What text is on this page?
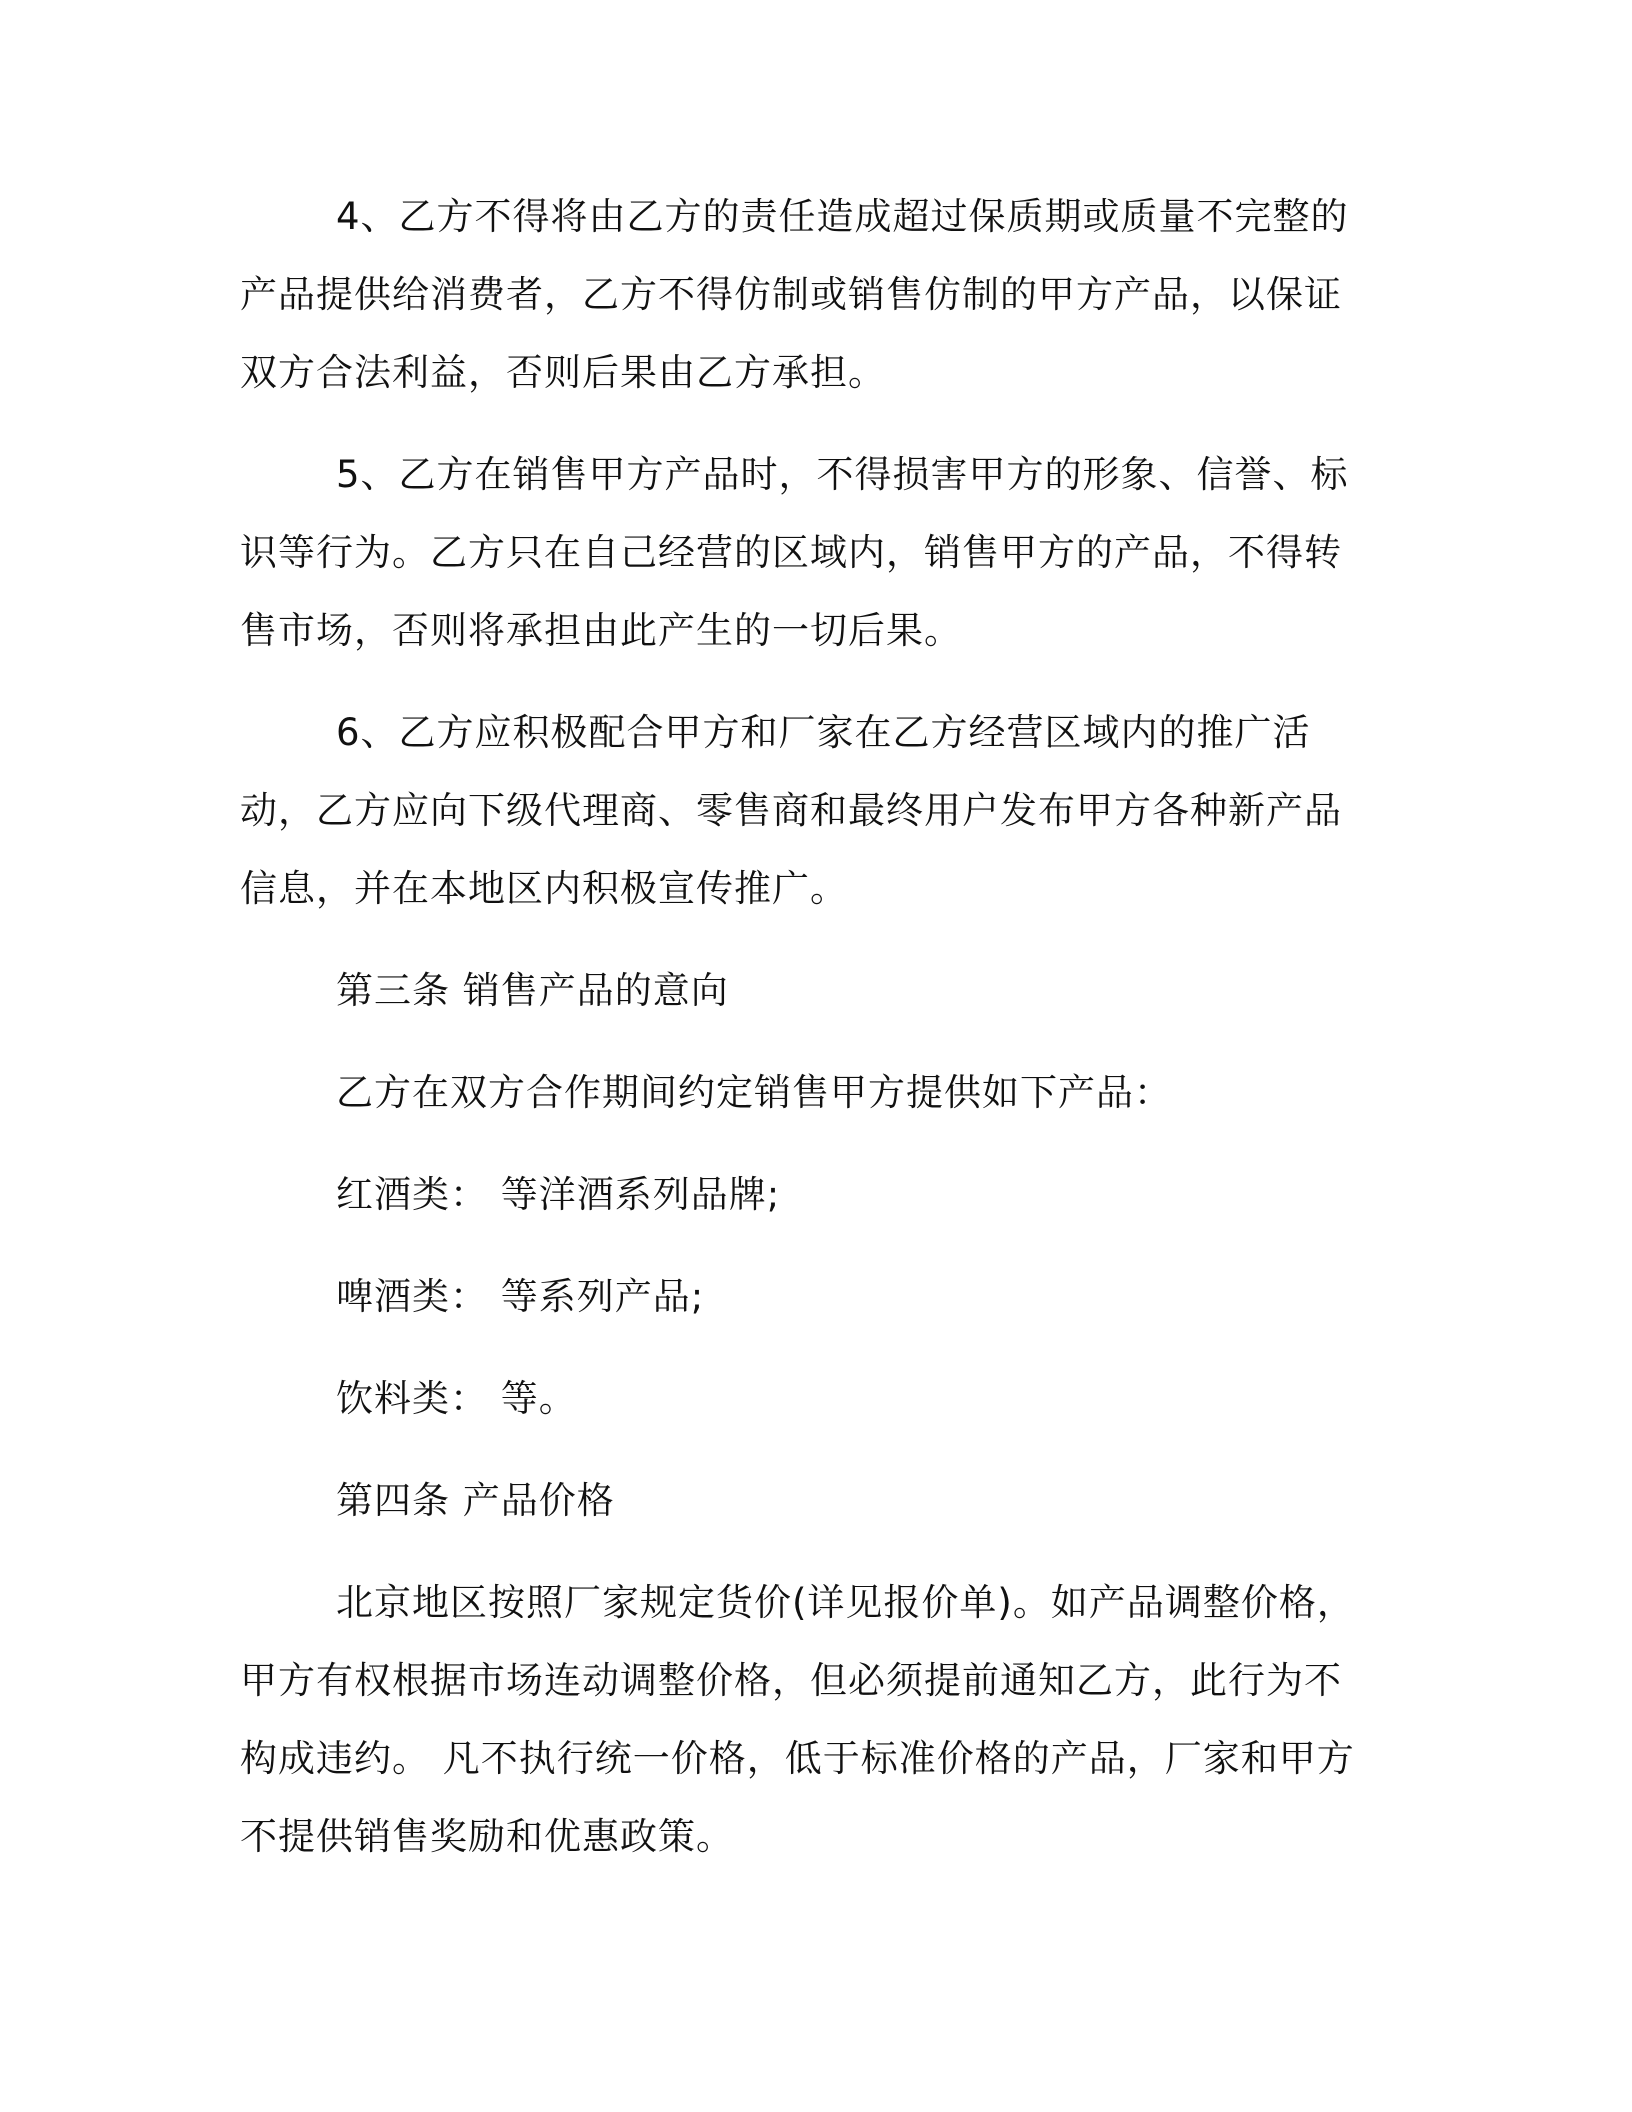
4、乙方不得将由乙方的责任造成超过保质期或质量不完整的产品提供给消费者，乙方不得仿制或销售仿制的甲方产品，以保证双方合法利益，否则后果由乙方承担。

5、乙方在销售甲方产品时，不得损害甲方的形象、信誉、标识等行为。乙方只在自己经营的区域内，销售甲方的产品，不得转售市场，否则将承担由此产生的一切后果。

6、乙方应积极配合甲方和厂家在乙方经营区域内的推广活动，乙方应向下级代理商、零售商和最终用户发布甲方各种新产品信息，并在本地区内积极宣传推广。

第三条 销售产品的意向

乙方在双方合作期间约定销售甲方提供如下产品：

红酒类： 等洋酒系列品牌;

啤酒类： 等系列产品;

饮料类： 等。

第四条 产品价格

北京地区按照厂家规定货价(详见报价单)。如产品调整价格，甲方有权根据市场连动调整价格，但必须提前通知乙方，此行为不构成违约。 凡不执行统一价格，低于标准价格的产品，厂家和甲方不提供销售奖励和优惠政策。
